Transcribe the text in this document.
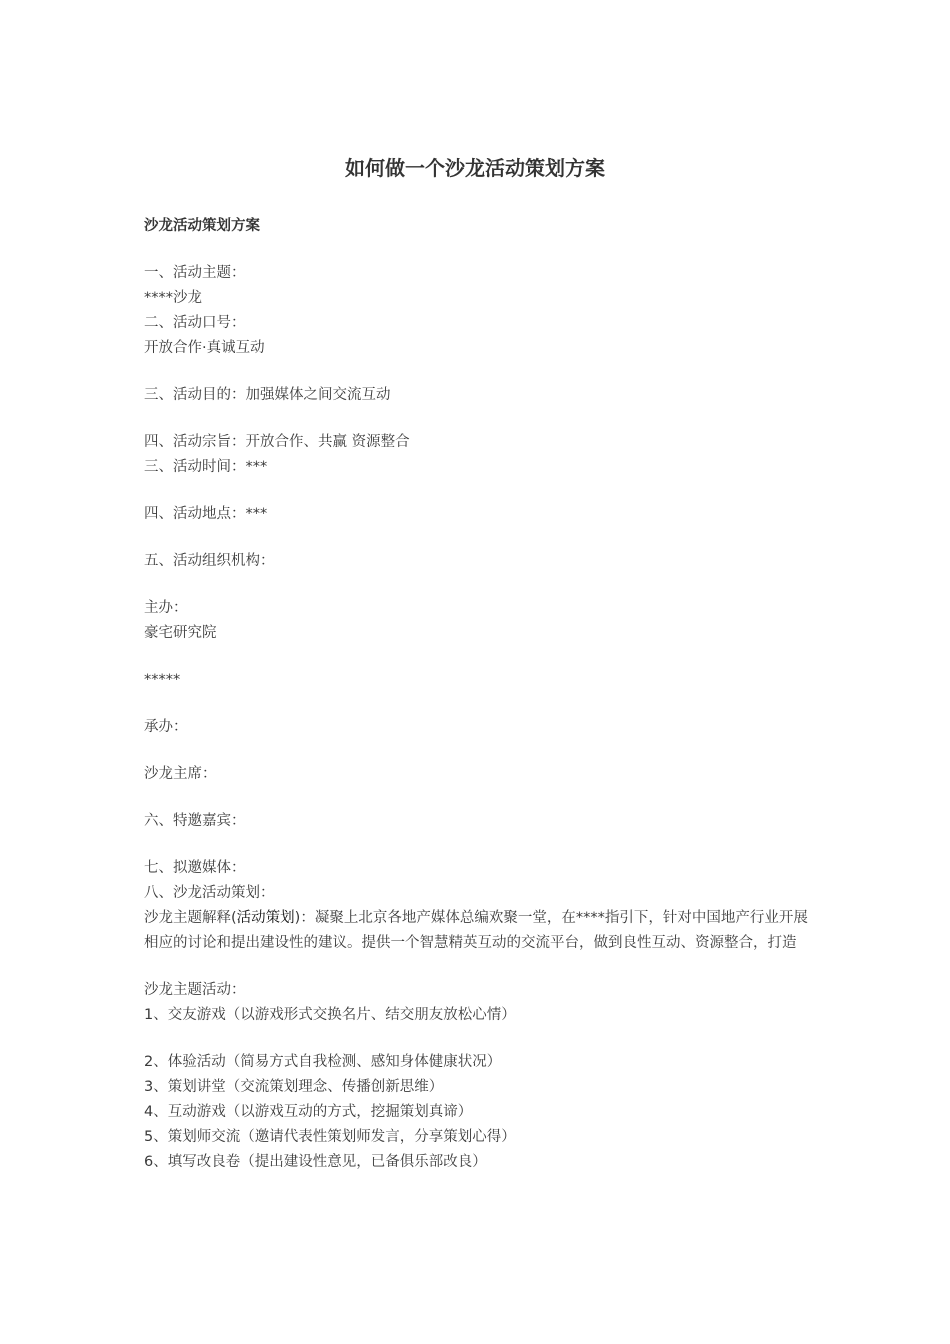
如何做一个沙龙活动策划方案
沙龙活动策划方案
一、活动主题：
****沙龙
二、活动口号：
开放合作·真诚互动
三、活动目的：加强媒体之间交流互动
四、活动宗旨：开放合作、共赢 资源整合
三、活动时间：***
四、活动地点：***
五、活动组织机构：
主办：
豪宅研究院
*****
承办：
沙龙主席：
六、特邀嘉宾：
七、拟邀媒体：
八、沙龙活动策划：
沙龙主题解释(活动策划)：凝聚上北京各地产媒体总编欢聚一堂，在****指引下，针对中国地产行业开展相应的讨论和提出建设性的建议。提供一个智慧精英互动的交流平台，做到良性互动、资源整合，打造
沙龙主题活动：
1、交友游戏（以游戏形式交换名片、结交朋友放松心情）
2、体验活动（简易方式自我检测、感知身体健康状况）
3、策划讲堂（交流策划理念、传播创新思维）
4、互动游戏（以游戏互动的方式，挖掘策划真谛）
5、策划师交流（邀请代表性策划师发言，分享策划心得）
6、填写改良卷（提出建设性意见，已备俱乐部改良）
